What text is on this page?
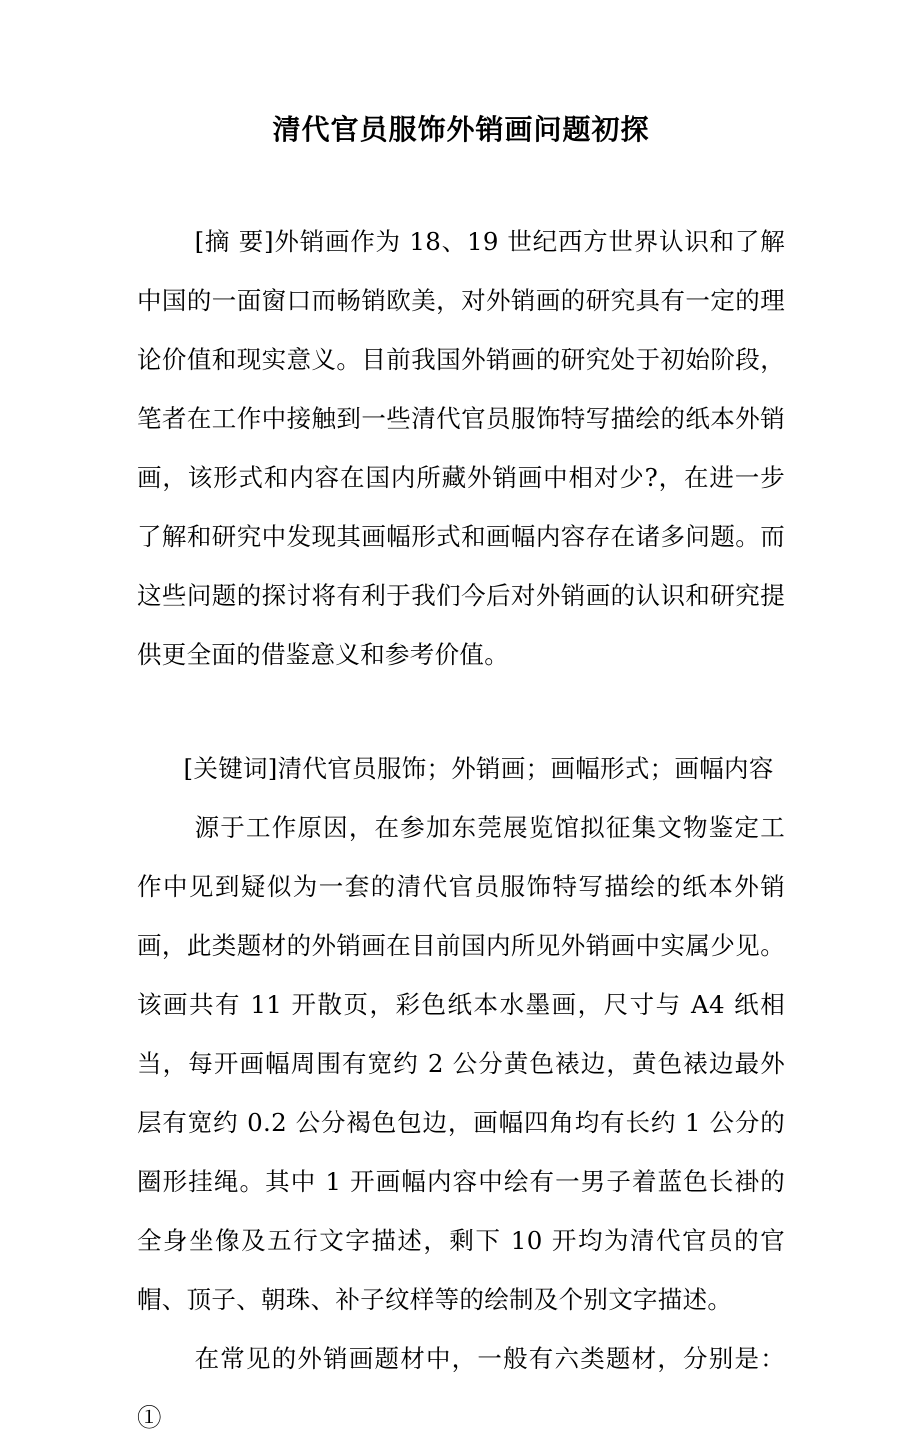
清代官员服饰外销画问题初探

[摘 要]外销画作为 18、19 世纪西方世界认识和了解中国的一面窗口而畅销欧美，对外销画的研究具有一定的理论价值和现实意义。目前我国外销画的研究处于初始阶段，笔者在工作中接触到一些清代官员服饰特写描绘的纸本外销画，该形式和内容在国内所藏外销画中相对少?，在进一步了解和研究中发现其画幅形式和画幅内容存在诸多问题。而这些问题的探讨将有利于我们今后对外销画的认识和研究提供更全面的借鉴意义和参考价值。

[关键词]清代官员服饰；外销画；画幅形式；画幅内容

源于工作原因，在参加东莞展览馆拟征集文物鉴定工作中见到疑似为一套的清代官员服饰特写描绘的纸本外销画，此类题材的外销画在目前国内所见外销画中实属少见。该画共有 11 开散页，彩色纸本水墨画，尺寸与 A4 纸相当，每开画幅周围有宽约 2 公分黄色裱边，黄色裱边最外层有宽约 0.2 公分褐色包边，画幅四角均有长约 1 公分的圈形挂绳。其中 1 开画幅内容中绘有一男子着蓝色长褂的全身坐像及五行文字描述，剩下 10 开均为清代官员的官帽、顶子、朝珠、补子纹样等的绘制及个别文字描述。

在常见的外销画题材中，一般有六类题材，分别是：①
